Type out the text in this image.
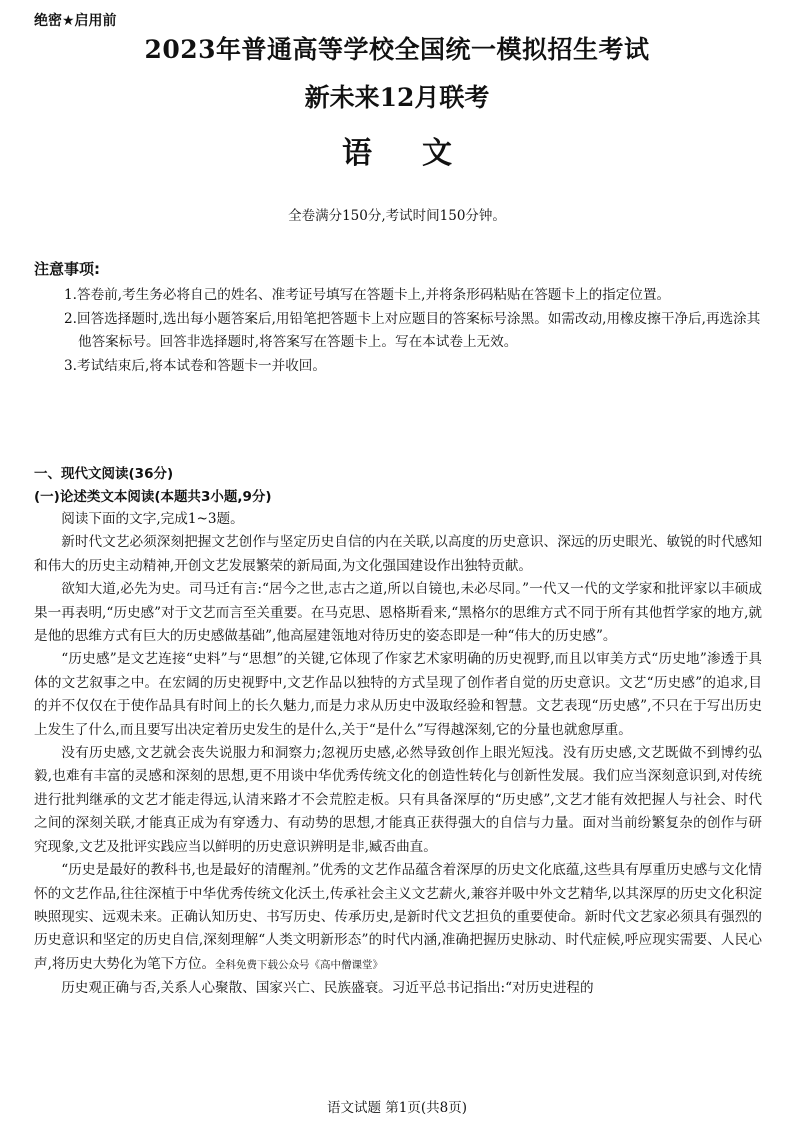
绝密★启用前
2023年普通高等学校全国统一模拟招生考试
新未来12月联考
语文
全卷满分150分,考试时间150分钟。
注意事项:
1.答卷前,考生务必将自己的姓名、准考证号填写在答题卡上,并将条形码粘贴在答题卡上的指定位置。
2.回答选择题时,选出每小题答案后,用铅笔把答题卡上对应题目的答案标号涂黑。如需改动,用橡皮擦干净后,再选涂其他答案标号。回答非选择题时,将答案写在答题卡上。写在本试卷上无效。
3.考试结束后,将本试卷和答题卡一并收回。
一、现代文阅读(36分)
(一)论述类文本阅读(本题共3小题,9分)

阅读下面的文字,完成1~3题。

新时代文艺必须深刻把握文艺创作与坚定历史自信的内在关联,以高度的历史意识、深远的历史眼光、敏锐的时代感知和伟大的历史主动精神,开创文艺发展繁荣的新局面,为文化强国建设作出独特贡献。

欲知大道,必先为史。司马迁有言:“居今之世,志古之道,所以自镜也,未必尽同。”一代又一代的文学家和批评家以丰硕成果一再表明,“历史感”对于文艺而言至关重要。在马克思、恩格斯看来,“黑格尔的思维方式不同于所有其他哲学家的地方,就是他的思维方式有巨大的历史感做基础”,他高屋建瓴地对待历史的姿态即是一种“伟大的历史感”。

“历史感”是文艺连接“史料”与“思想”的关键,它体现了作家艺术家明确的历史视野,而且以审美方式“历史地”渗透于具体的文艺叙事之中。在宏阔的历史视野中,文艺作品以独特的方式呈现了创作者自觉的历史意识。文艺“历史感”的追求,目的并不仅仅在于使作品具有时间上的长久魅力,而是力求从历史中汲取经验和智慧。文艺表现“历史感”,不只在于写出历史上发生了什么,而且要写出决定着历史发生的是什么,关于“是什么”写得越深刻,它的分量也就愈厚重。

没有历史感,文艺就会丧失说服力和洞察力;忽视历史感,必然导致创作上眼光短浅。没有历史感,文艺既做不到博约弘毅,也难有丰富的灵感和深刻的思想,更不用谈中华优秀传统文化的创造性转化与创新性发展。我们应当深刻意识到,对传统进行批判继承的文艺才能走得远,认清来路才不会荒腔走板。只有具备深厚的“历史感”,文艺才能有效把握人与社会、时代之间的深刻关联,才能真正成为有穿透力、有动势的思想,才能真正获得强大的自信与力量。面对当前纷繁复杂的创作与研究现象,文艺及批评实践应当以鲜明的历史意识辨明是非,臧否曲直。

“历史是最好的教科书,也是最好的清醒剂。”优秀的文艺作品蕴含着深厚的历史文化底蕴,这些具有厚重历史感与文化情怀的文艺作品,往往深植于中华优秀传统文化沃土,传承社会主义文艺薪火,兼容并吸中外文艺精华,以其深厚的历史文化积淀映照现实、远观未来。正确认知历史、书写历史、传承历史,是新时代文艺担负的重要使命。新时代文艺家必须具有强烈的历史意识和坚定的历史自信,深刻理解“人类文明新形态”的时代内涵,准确把握历史脉动、时代症候,呼应现实需要、人民心声,将历史大势化为笔下方位。全科免费下载公众号《高中僧课堂》

历史观正确与否,关系人心聚散、国家兴亡、民族盛衰。习近平总书记指出:“对历史进程的

语文试题 第1页(共8页)
